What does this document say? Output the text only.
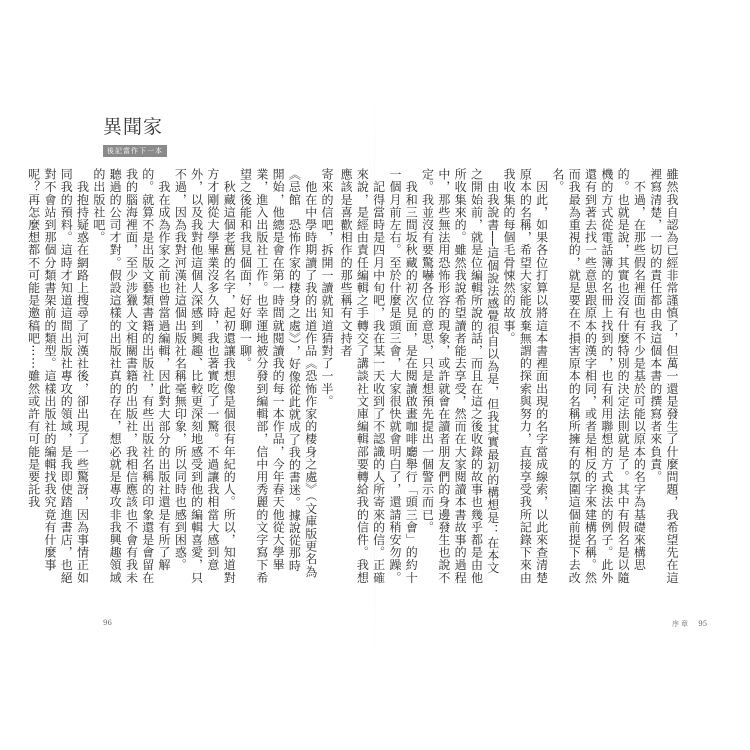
異聞家
後記當作下一本
寄來的信吧，拆開一讀就知道猜對了一半。
　他在中學時期讀了我的出道作品《恐怖作家的棲身之處》（文庫版更名為《忌館　恐怖作家的棲身之處》），好像從此就成了我的書迷。據說從那時開始，他總是會在第一時間就閱讀我的每一本作品，今年春天他從大學畢業，進入出版社工作。也幸運地被分發到編輯部，信中用秀麗的文字寫下希望之後能和我見個面，好好聊一聊。
　秋藏這個老舊的名字，起初還讓我想像是個很有年紀的人。所以，知道對方才剛從大學畢業沒多久時，我也著實吃了一驚。不過讓我相當大感到意外，以及我對他這個人深感到興趣、比較更深刻地感受到他的編輯喜愛，只不過，因為我對河漢社這個出版社名稱毫無印象，所以同時也感到困惑。
　我在成為作家之前也曾當過編輯，因此對大部分的出版社還是有所了解的。就算不是出版文藝類書籍的出版社，有些出版社名稱的印象還是會留在我的腦海裡面，至少涉獵人文相關書籍的出版社，我相信應該也不會有我未聽過的公司才對。假設這樣的出版社真的存在，想必就是專攻非我興趣領域的出版社吧。
　我抱持疑惑在網路上搜尋了河漢社後，卻出現了一些驚訝，因為事情正如同我的預料。這時才知道這間出版社專攻的領域，是我即使踏進書店，也絕對不會站到那個分類書架前的類型。這樣出版社的編輯找我究竟有什麼事呢？再怎麼想都不可能是邀稿吧⋯⋯雖然或許有可能是要託我
96
雖然我自認為已經非常謹慎了，但萬一還是發生了什麼問題，我希望先在這裡寫清楚，一切的責任都由我這個本書的撰寫者來負責。
　不過，在那些假名裡面也有不少是基於可能以原本的名字為基礎來構思的。也就是說，其實也沒有什麼特別的決定法則就是了。其中有假名是以隨機的方式從電話簿的名冊上找到的，也有利用聯想的方式換法的例子。此外還有到著去找一些意思跟原本的漢字相同，或者是相反的字來建構名稱。然而我最為重視的，就是要在不損害原本的名稱所擁有的氛圍這個前提下去改名。
　因此，如果各位打算以將這本書裡面出現的名字當成線索，以此來查清楚原本的名稱，希望大家能放棄無謂的探索與努力，直接享受我所記錄下來由我收集的每個毛骨悚然的故事。
　由我說書──這個說法感覺很自以為是，但我其實最初的構想是：在本文之開始前，就是位編輯所說的話，而且在這之後收錄的故事也幾乎都是由他所收集來的。雖然我說希望讀者能去享受，然而在大家閱讀本書故事的過程中，那些無法用恐怖形容的現象，或許就會在讀者朋友們的身邊發生也說不定。我並沒有要驚嚇各位的意思，只是想預先提出一個警示而已。
　我和三間坂秋藏的初次見面，是在閱讀啟畫咖啡廳舉行「頭三會」的約十一個月前左右。至於什麼是頭三會，大家很快就會明白了，還請稍安勿躁。
　記得當時是四月中旬吧，我在某一天收到了不認識的人所寄來的信。正確來說，是經由責任編輯之手轉交了講談社文庫編輯部要轉給我的信件。我想應該是喜歡相作的那些稱有文持者
序章 95
